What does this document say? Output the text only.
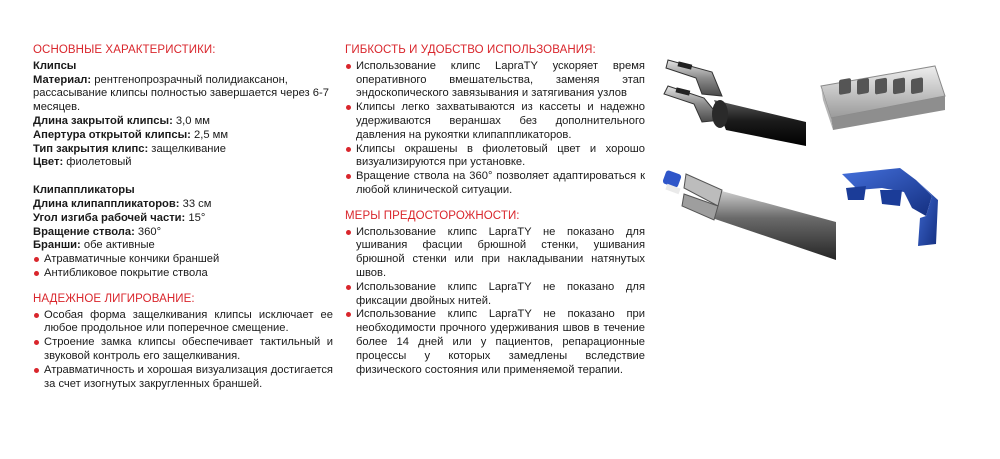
ОСНОВНЫЕ ХАРАКТЕРИСТИКИ:
Клипсы

Материал: рентгенопрозрачный полидиаксанон, рассасывание клипсы полностью завершается через 6-7 месяцев.

Длина закрытой клипсы: 3,0 мм

Апертура открытой клипсы: 2,5 мм

Тип закрытия клипс: защелкивание

Цвет: фиолетовый

Клипаппликаторы

Длина клипаппликаторов: 33 см

Угол изгиба рабочей части: 15°

Вращение ствола: 360°

Бранши: обе активные

Атравматичные кончики браншей
Антибликовое покрытие ствола
НАДЕЖНОЕ ЛИГИРОВАНИЕ:
Особая форма защелкивания клипсы исключает ее любое продольное или поперечное смещение.
Строение замка клипсы обеспечивает тактильный и звуковой контроль его защелкивания.
Атравматичность и хорошая визуализация достигается за счет изогнутых закругленных браншей.
ГИБКОСТЬ И УДОБСТВО ИСПОЛЬЗОВАНИЯ:
Использование клипс LapraTY ускоряет время оперативного вмешательства, заменяя этап эндоскопического завязывания и затягивания узлов
Клипсы легко захватываются из кассеты и надежно удерживаются вераншах без дополнительного давления на рукоятки клипаппликаторов.
Клипсы окрашены в фиолетовый цвет и хорошо визуализируются при установке.
Вращение ствола на 360° позволяет адаптироваться к любой клинической ситуации.
МЕРЫ ПРЕДОСТОРОЖНОСТИ:
Использование клипс LapraTY не показано для ушивания фасции брюшной стенки, ушивания брюшной стенки или при накладывании натянутых швов.
Использование клипс LapraTY не показано для фиксации двойных нитей.
Использование клипс LapraTY не показано при необходимости прочного удерживания швов в течение более 14 дней или у пациентов, репарационные процессы у которых замедлены вследствие физического состояния или применяемой терапии.
